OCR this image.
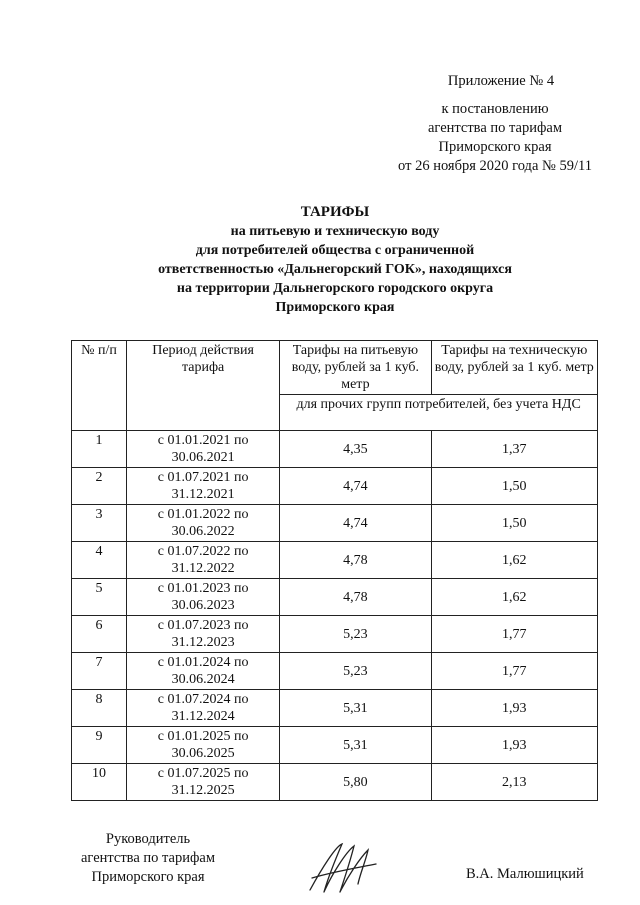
Приложение № 4
к постановлению
агентства по тарифам
Приморского края
от 26 ноября 2020 года № 59/11
ТАРИФЫ
на питьевую и техническую воду
для потребителей общества с ограниченной
ответственностью «Дальнегорский ГОК», находящихся
на территории Дальнегорского городского округа
Приморского края
№ п/п	Период действия тарифа	Тарифы на питьевую воду, рублей за 1 куб. метр	Тарифы на техническую воду, рублей за 1 куб. метр
		для прочих групп потребителей, без учета НДС	
1	с 01.01.2021 по 30.06.2021	4,35	1,37
2	с 01.07.2021 по 31.12.2021	4,74	1,50
3	с 01.01.2022 по 30.06.2022	4,74	1,50
4	с 01.07.2022 по 31.12.2022	4,78	1,62
5	с 01.01.2023 по 30.06.2023	4,78	1,62
6	с 01.07.2023 по 31.12.2023	5,23	1,77
7	с 01.01.2024 по 30.06.2024	5,23	1,77
8	с 01.07.2024 по 31.12.2024	5,31	1,93
9	с 01.01.2025 по 30.06.2025	5,31	1,93
10	с 01.07.2025 по 31.12.2025	5,80	2,13
Руководитель
агентства по тарифам
Приморского края	В.А. Малюшицкий
